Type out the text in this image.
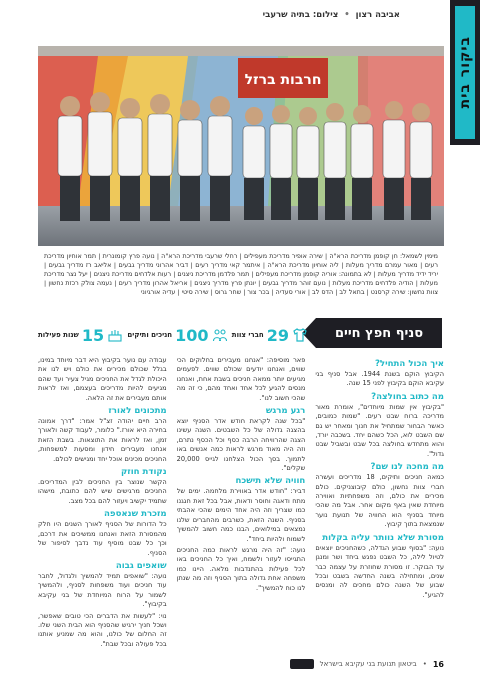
אביבה רצון • צילום: בתיה שרעבי
ביקור בית
חרבות ברזל
מימין לשמאל: חן קופמן מדריכת הרא"ה | שירה אופיר מדריכת מעפילים | רחלי שרעבי מדריכת הרא"ה | נועה פרץ קומונרית | תמר אוחיון מדריכת רעים | מאור עמרם מדריך מעלות | ליה אוחיון מדריכת הרא"ה | איתמר קאי מדריך רעים | דביר אהרוני מדריך גבעים | אליאב רז מדריך גבעים | יריד ידיד מדריך מעלות | לא בתמונה: אוריה קופמן מדריכת מעפילים | תמר פלדמן מדריכת ניצנים | רעות אלדחים מדריכת ניצנים | יעל נצר מדריכת מעלות | הודיה פלדחים מדריכת מעלות | נועם זוהר מדריך גבעים | יונתן פרץ מדריך ניצנים | אריאל אהרון מדריך רעים | נעמה צולק רכזת נחשון | צוות נחשון: שירה קרסנט | בתאל לב | הדס לב | אורי סעדיה | בכר צור | שחר גרוס | שירה סיטי | עדיה אורגיוני
סניף חפץ חיים
29
חברי צוות
100
חניכים ותיקים
15
שנות פעילות
איך הכול התחיל?

הקיבוץ הוקם בשנת 1944. אבל סניף בני עקיבא הוקם בקיבוץ לפני 15 שנה.

מה כתוב בחולצה?

"בקיבוץ אין שמות מיוחדים", אומרת מאור מדריכה ברוח שבט רעים. "שמות כמובים, כאשר הבחור שמתחיל את חנוך ומאחר יש גם שם השבט לוא, הכל כשהם יחד. בשכבה יורד, והוא מתחדש בחולצה בכל שבט ובשביל שבט גדול".

מה מחכה לנו שם?

כמאה חניכים ותיקים, 18 מדריכים ועשרה חברי צוות נחשון, כולם קיבוצניקים. כולם מכירים את כולם, וזה משפחתיות ואווירה מיוחדת שאין באף מקום אחר. אבל מה שהכי מיוחד בסניף הוא החוויה של תנועת נוער שנמצאת בתוך קיבוץ.

מסורת שלא נוותר עליה בקלות

נועה: "בסוף שבוע הגדלה, כשהחניכים יוצאים לטיול לילה, כל השבט נפגש ביחד ושר ומנגן עד הבוקר. זו מסורת שחוזרת על עצמה כבר שנים, ומתחילה בשנה החדשה בשבט ובכל שבוע של השנה כולם מחכים לה ומנסים להגיע".

פאר מוסיפה: "אנחנו מעבירים בחלוקים הכי שווים, ואנחנו יודעים שכולם שווים. לפעמים מגיעים יותר ממאה חניכים בשבת אחת, ואנחנו מנסים להגיע לכל אחד ואחד מהם, כי זה מה שהכי חשוב לנו".

רגע מרגש

"בכל שנה לקראת חודש אדר הסניף יוצא בהצגה גדולה של כל השבטים. השנה עשינו הצגה שהרוויחה הרבה כסף וכל הכסף נתרם, וזה היה מאוד מרגש לראות כמה אנשים באו לתמוך. בסך הכול הצלחנו לגייס 20,000 שקלים".

חוויה שלא תישכח

דביר: "חודש אדר באווירת מלחמה. ימים של מתח ודאגה וחוסר ודאות, אבל בכל זאת חגגנו כמו שצריך וזה היה אחד הימים שהכי אהבתי בסניף. השנה הזאת, כשרבים מהחברים שלנו נמצאים במילואים, הבנו כמה חשוב להמשיך לשמוח ולהיות ביחד".

נועה: "זה היה מרגש לראות כמה החניכים התגייסו לעזור ולשמח, ואיך כל החניכים באו לכל פעילות בהתנדבות מלאה. היינו כמו משפחה אחת גדולה בתוך הסניף וזה מה שנתן לנו כוח להמשיך".

עבודה עם נוער בקיבוץ היא דבר מיוחד במינו, בגלל שכולם מכירים את כולם ויש לנו את היכולת לגדל את החניכים מגיל צעיר ועד שהם מגיעים להיות מדריכים בעצמם, ואז לראות אותם מעבירים את זה הלאה.

מתכונים לאורז

הרב חיים יהודה זצ"ל אמר: "דרך אמונה בחירה היא אורז." כלומר, לעבוד קשה ולאורך זמן, ואז לראות את התוצאות. בשבת הזאת אנחנו מעבירים חידון ומסעות למשפחות, החניכים מכינים אוכל יחד ומגישים לכולם.

נקודת חוזק

הקשר שנוצר בין החניכים לבין המדריכים. החניכים מרגישים שיש להם כתובת, מישהו שתמיד יקשיב ויעזור להם בכל מצב.

מזכרת שנאספה

כל הדורות של הסניף לאורך השנים היו חלק מהמסורת הזאת ואנחנו ממשיכים את דרכם, וכך כל שבט מוסיף עוד נדבך לסיפור של הסניף.

שואפים גבוה

נועה: "שואפים תמיד להמשיך ולגדול, לחבר עוד חניכים ועוד משפחות לסניף, ולהמשיך לשמור על הרוח המיוחדת של בני עקיבא בקיבוץ".

נוי: "לעשות את הדברים הכי טובים שאפשר, ושכל חניך ירגיש שהסניף הוא הבית השני שלו. זה החלום של כולנו, והוא מה שמניע אותנו בכל פעולה ובכל שבת".

16
•
ביטאון תנועת בני עקיבא בישראל
